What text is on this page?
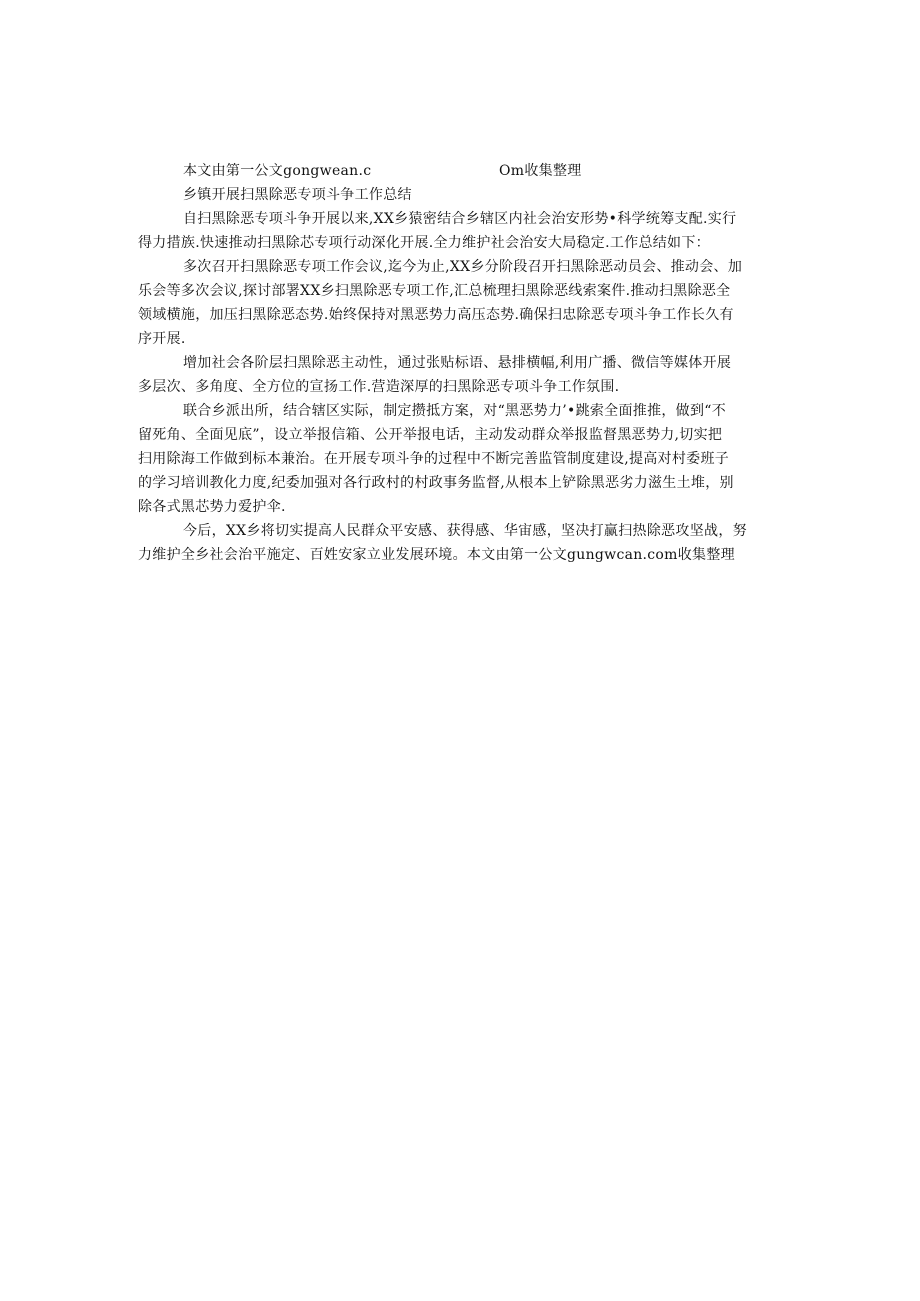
本文由第一公文gongwean.c	Om收集整理
乡镇开展扫黑除恶专项斗争工作总结
自扫黑除恶专项斗争开展以来,XX乡猿密结合乡辖区内社会治安形势•科学统筹支配.实行
得力措族.快速推动扫黑除芯专项行动深化开展.全力维护社会治安大局稳定.工作总结如下：
多次召开扫黑除恶专项工作会议,迄今为止,XX乡分阶段召开扫黑除恶动员会、推动会、加
乐会等多次会议,探讨部署XX乡扫黑除恶专项工作,汇总梳理扫黑除恶线索案件.推动扫黑除恶全
领域横施，加压扫黑除恶态势.始终保持对黑恶势力高压态势.确保扫忠除恶专项斗争工作长久有
序开展.
增加社会各阶层扫黑除恶主动性，通过张贴标语、悬排横幅,利用广播、微信等媒体开展
多层次、多角度、全方位的宣扬工作.营造深厚的扫黑除恶专项斗争工作氛围.
联合乡派出所，结合辖区实际，制定攒抵方案，对“黑恶势力’•跳索全面推推，做到“不
留死角、全面见底”，设立举报信箱、公开举报电话，主动发动群众举报监督黑恶势力,切实把
扫用除海工作做到标本兼治。在开展专项斗争的过程中不断完善监管制度建设,提高对村委班子
的学习培训教化力度,纪委加强对各行政村的村政事务监督,从根本上铲除黑恶劣力滋生土堆，别
除各式黑芯势力爱护伞.
今后，XX乡将切实提高人民群众平安感、获得感、华宙感，坚决打赢扫热除恶攻坚战，努
力维护全乡社会治平施定、百姓安家立业发展环境。本文由第一公文gungwcan.com收集整理
